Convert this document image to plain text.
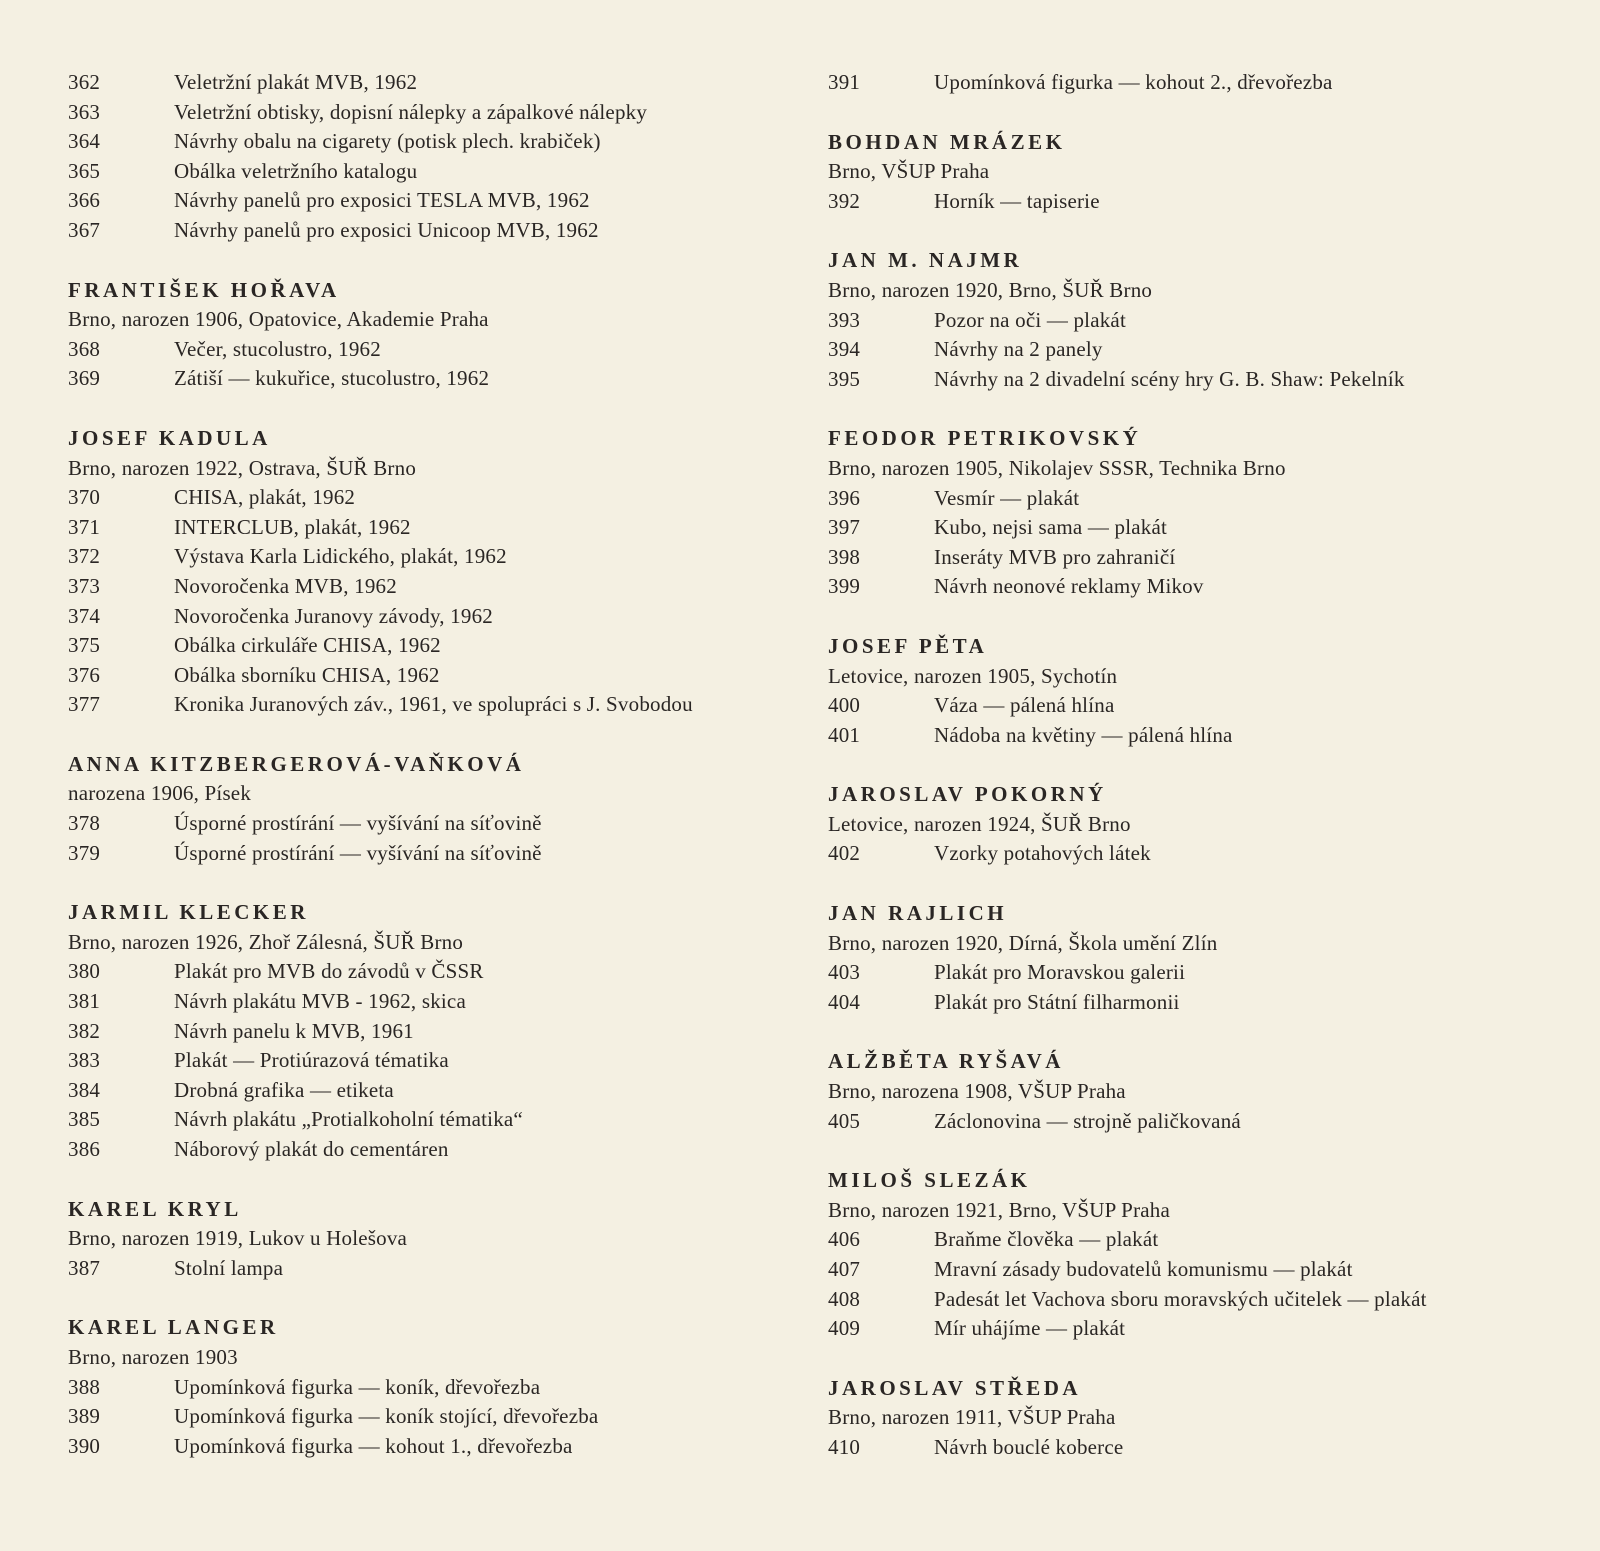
362	Veletržní plakát MVB, 1962
363	Veletržní obtisky, dopisní nálepky a zápalkové nálepky
364	Návrhy obalu na cigarety (potisk plech. krabiček)
365	Obálka veletržního katalogu
366	Návrhy panelů pro exposici TESLA MVB, 1962
367	Návrhy panelů pro exposici Unicoop MVB, 1962
FRANTIŠEK HOŘAVA
Brno, narozen 1906, Opatovice, Akademie Praha
368	Večer, stucolustro, 1962
369	Zátiší — kukuřice, stucolustro, 1962
JOSEF KADULA
Brno, narozen 1922, Ostrava, ŠUŘ Brno
370	CHISA, plakát, 1962
371	INTERCLUB, plakát, 1962
372	Výstava Karla Lidického, plakát, 1962
373	Novoročenka MVB, 1962
374	Novoročenka Juranovy závody, 1962
375	Obálka cirkuláře CHISA, 1962
376	Obálka sborníku CHISA, 1962
377	Kronika Juranových záv., 1961, ve spolupráci s J. Svobodou
ANNA KITZBERGEROVÁ-VAŇKOVÁ
narozena 1906, Písek
378	Úsporné prostírání — vyšívání na síťovině
379	Úsporné prostírání — vyšívání na síťovině
JARMIL KLECKER
Brno, narozen 1926, Zhoř Zálesná, ŠUŘ Brno
380	Plakát pro MVB do závodů v ČSSR
381	Návrh plakátu MVB - 1962, skica
382	Návrh panelu k MVB, 1961
383	Plakát — Protiúrazová tématika
384	Drobná grafika — etiketa
385	Návrh plakátu „Protialkoholní tématika“
386	Náborový plakát do cementáren
KAREL KRYL
Brno, narozen 1919, Lukov u Holešova
387	Stolní lampa
KAREL LANGER
Brno, narozen 1903
388	Upomínková figurka — koník, dřevořezba
389	Upomínková figurka — koník stojící, dřevořezba
390	Upomínková figurka — kohout 1., dřevořezba
391	Upomínková figurka — kohout 2., dřevořezba
BOHDAN MRÁZEK
Brno, VŠUP Praha
392	Horník — tapiserie
JAN M. NAJMR
Brno, narozen 1920, Brno, ŠUŘ Brno
393	Pozor na oči — plakát
394	Návrhy na 2 panely
395	Návrhy na 2 divadelní scény hry G. B. Shaw: Pekelník
FEODOR PETRIKOVSKÝ
Brno, narozen 1905, Nikolajev SSSR, Technika Brno
396	Vesmír — plakát
397	Kubo, nejsi sama — plakát
398	Inseráty MVB pro zahraničí
399	Návrh neonové reklamy Mikov
JOSEF PĚTA
Letovice, narozen 1905, Sychotín
400	Váza — pálená hlína
401	Nádoba na květiny — pálená hlína
JAROSLAV POKORNÝ
Letovice, narozen 1924, ŠUŘ Brno
402	Vzorky potahových látek
JAN RAJLICH
Brno, narozen 1920, Dírná, Škola umění Zlín
403	Plakát pro Moravskou galerii
404	Plakát pro Státní filharmonii
ALŽBĚTA RYŠAVÁ
Brno, narozena 1908, VŠUP Praha
405	Záclonovina — strojně paličkovaná
MILOŠ SLEZÁK
Brno, narozen 1921, Brno, VŠUP Praha
406	Braňme člověka — plakát
407	Mravní zásady budovatelů komunismu — plakát
408	Padesát let Vachova sboru moravských učitelek — plakát
409	Mír uhájíme — plakát
JAROSLAV STŘEDA
Brno, narozen 1911, VŠUP Praha
410	Návrh bouclé koberce
